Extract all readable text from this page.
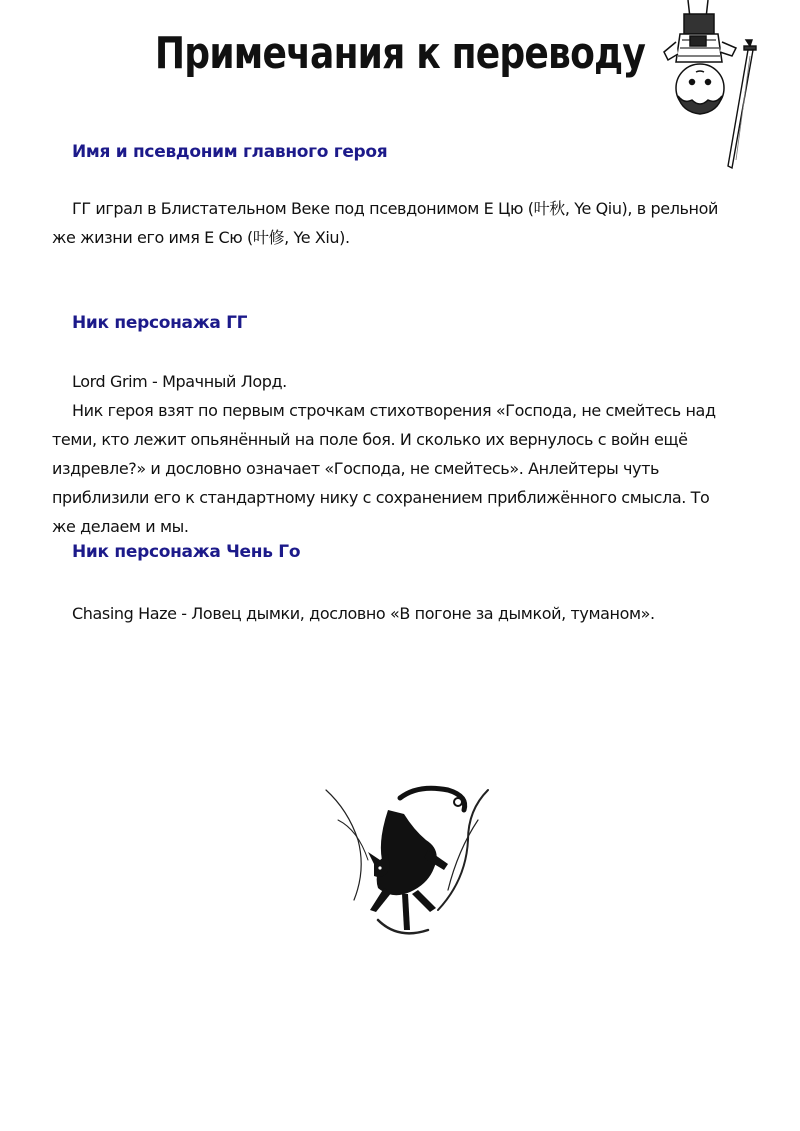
Примечания к переводу
Имя и псевдоним главного героя

ГГ играл в Блистательном Веке под псевдонимом Е Цю (叶秋, Ye Qiu), в рельной же жизни его имя Е Сю (叶修, Ye Xiu).

Ник персонажа ГГ

Lord Grim - Мрачный Лорд.

Ник героя взят по первым строчкам стихотворения «Господа, не смейтесь над теми, кто лежит опьянённый на поле боя. И сколько их вернулось с войн ещё издревле?» и дословно означает «Господа, не смейтесь». Анлейтеры чуть приблизили его к стандартному нику с сохранением приближённого смысла. То же делаем и мы.

Ник персонажа Чень Го

Chasing Haze - Ловец дымки, дословно «В погоне за дымкой, туманом».
